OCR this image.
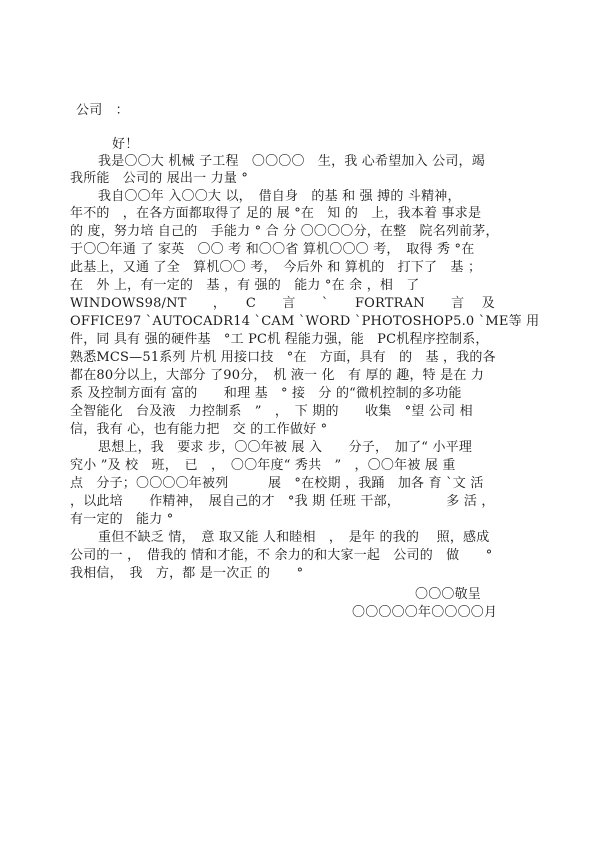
公司　：
好！
我是〇〇大 机械 子工程　〇〇〇〇　生，我 心希望加入 公司，竭
我所能　公司的 展出一 力量 °
我自〇〇年 入〇〇大 以，　借自身　的基 和 强 搏的 斗精神，
年不的　，在各方面都取得了 足的 展 °在　知 的　上，我本着 事求是
的 度，努力培 自己的　手能力 ° 合 分 〇〇〇〇分，在整　院名列前茅，
于〇〇年通 了 家英　〇〇 考 和〇〇省 算机〇〇〇 考，　取得 秀 °在
此基上，又通 了全　算机〇〇 考，　今后外 和 算机的　打下了　基 ；
在　外 上，有一定的　基 ，有 强的　能力 °在 余 ，相　了
WINDOWS98/NT　，　C　言　`　FORTRAN　言 及
OFFICE97 `AUTOCADR14 `CAM `WORD `PHOTOSHOP5.0 `ME等 用
件，同 具有 强的硬件基　°工 PC机 程能力强，能　PC机程序控制系，
熟悉MCS—51系列 片机 用接口技　°在　方面，具有　的　基 ，我的各
都在80分以上，大部分 了90分，　机 液一 化　有 厚的 趣，特 是在 力
系 及控制方面有 富的　　和理 基　° 接　分 的“微机控制的多功能
全智能化　台及液　力控制系　”　，　下 期的　　收集　°望 公司 相
信，我有 心，也有能力把　交 的工作做好 °
思想上，我　要求 步，〇〇年被 展 入　　分子，　加了“ 小平理
究小 ”及 校　班，　已　，　〇〇年度“ 秀共　”　，〇〇年被 展 重
点　分子；〇〇〇〇年被列　　　展　°在校期 ，我踊　加各 育 `文 活
，以此培　　作精神，　展自己的才　°我 期 任班 干部，　　　　多 活 ，
有一定的　能力 °
重但不缺乏 情，　意 取又能 人和睦相　，　是年 的我的　 照，感成
公司的一 ，　借我的 情和才能，不 余力的和大家一起　公司的　做　　°
我相信，　我　方，都 是一次正 的　　°
〇〇〇敬呈
〇〇〇〇〇年〇〇〇〇月
